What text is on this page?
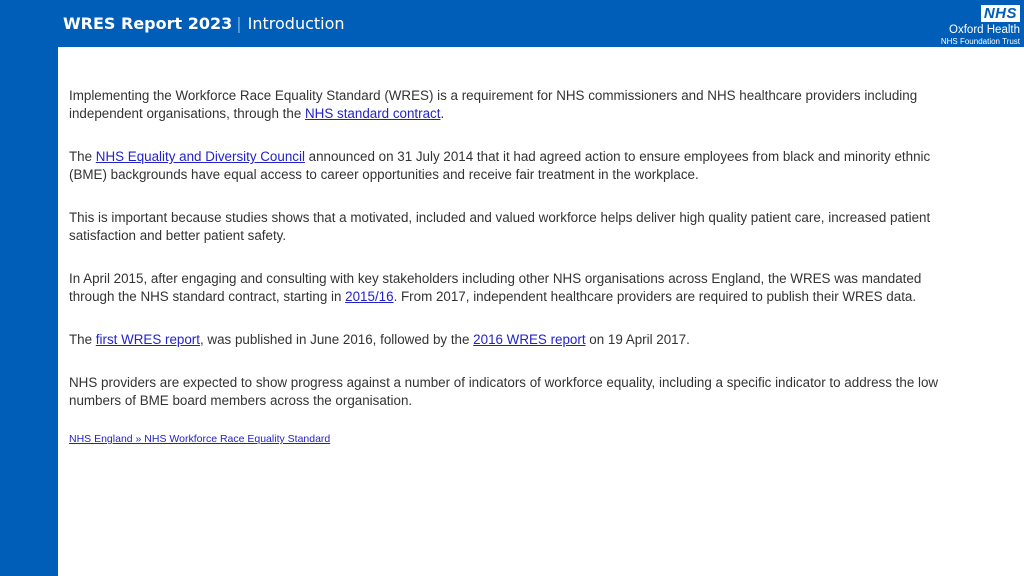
WRES Report 2023 | Introduction
NHS
Oxford Health
NHS Foundation Trust

Implementing the Workforce Race Equality Standard (WRES) is a requirement for NHS commissioners and NHS healthcare providers including independent organisations, through the NHS standard contract.

The NHS Equality and Diversity Council announced on 31 July 2014 that it had agreed action to ensure employees from black and minority ethnic (BME) backgrounds have equal access to career opportunities and receive fair treatment in the workplace.

This is important because studies shows that a motivated, included and valued workforce helps deliver high quality patient care, increased patient satisfaction and better patient safety.

In April 2015, after engaging and consulting with key stakeholders including other NHS organisations across England, the WRES was mandated through the NHS standard contract, starting in 2015/16. From 2017, independent healthcare providers are required to publish their WRES data.

The first WRES report, was published in June 2016, followed by the 2016 WRES report on 19 April 2017.

NHS providers are expected to show progress against a number of indicators of workforce equality, including a specific indicator to address the low numbers of BME board members across the organisation.

NHS England » NHS Workforce Race Equality Standard
